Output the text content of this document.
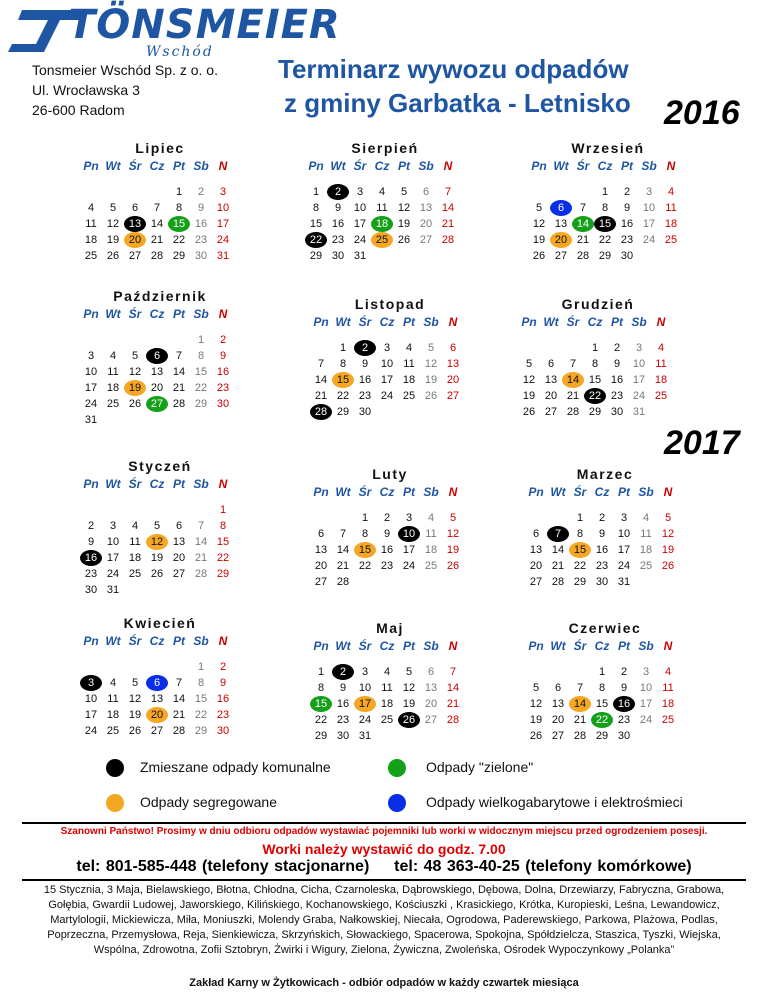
TÖNSMEIER
Wschód
Tonsmeier Wschód Sp. z o. o.
Ul. Wrocławska 3
26-600 Radom
Terminarz wywozu odpadów
z gminy Garbatka - Letnisko 2016
2017
Lipiec
Pn Wt Śr Cz Pt Sb N
1 2 3
4 5 6 7 8 9 10
11 12 13 14 15 16 17
18 19 20 21 22 23 24
25 26 27 28 29 30 31
Sierpień
Pn Wt Śr Cz Pt Sb N
1 2 3 4 5 6 7
8 9 10 11 12 13 14
15 16 17 18 19 20 21
22 23 24 25 26 27 28
29 30 31
Wrzesień
Pn Wt Śr Cz Pt Sb N
1 2 3 4
5 6 7 8 9 10 11
12 13 14 15 16 17 18
19 20 21 22 23 24 25
26 27 28 29 30
Październik
Pn Wt Śr Cz Pt Sb N
1 2
3 4 5 6 7 8 9
10 11 12 13 14 15 16
17 18 19 20 21 22 23
24 25 26 27 28 29 30
31
Listopad
Pn Wt Śr Cz Pt Sb N
1 2 3 4 5 6
7 8 9 10 11 12 13
14 15 16 17 18 19 20
21 22 23 24 25 26 27
28 29 30
Grudzień
Pn Wt Śr Cz Pt Sb N
1 2 3 4
5 6 7 8 9 10 11
12 13 14 15 16 17 18
19 20 21 22 23 24 25
26 27 28 29 30 31
Styczeń
Pn Wt Śr Cz Pt Sb N
1
2 3 4 5 6 7 8
9 10 11 12 13 14 15
16 17 18 19 20 21 22
23 24 25 26 27 28 29
30 31
Luty
Pn Wt Śr Cz Pt Sb N
1 2 3 4 5
6 7 8 9 10 11 12
13 14 15 16 17 18 19
20 21 22 23 24 25 26
27 28
Marzec
Pn Wt Śr Cz Pt Sb N
1 2 3 4 5
6 7 8 9 10 11 12
13 14 15 16 17 18 19
20 21 22 23 24 25 26
27 28 29 30 31
Kwiecień
Pn Wt Śr Cz Pt Sb N
1 2
3 4 5 6 7 8 9
10 11 12 13 14 15 16
17 18 19 20 21 22 23
24 25 26 27 28 29 30
Maj
Pn Wt Śr Cz Pt Sb N
1 2 3 4 5 6 7
8 9 10 11 12 13 14
15 16 17 18 19 20 21
22 23 24 25 26 27 28
29 30 31
Czerwiec
Pn Wt Śr Cz Pt Sb N
1 2 3 4
5 6 7 8 9 10 11
12 13 14 15 16 17 18
19 20 21 22 23 24 25
26 27 28 29 30
Zmieszane odpady komunalne	Odpady "zielone"
Odpady segregowane	Odpady wielkogabarytowe i elektrośmieci
Szanowni Państwo! Prosimy w dniu odbioru odpadów wystawiać pojemniki lub worki w widocznym miejscu przed ogrodzeniem posesji.
Worki należy wystawić do godz. 7.00
tel: 801-585-448 (telefony stacjonarne) tel: 48 363-40-25 (telefony komórkowe)
15 Stycznia, 3 Maja, Bielawskiego, Błotna, Chłodna, Cicha, Czarnoleska, Dąbrowskiego, Dębowa, Dolna, Drzewiarzy, Fabryczna, Grabowa, Gołębia, Gwardii Ludowej, Jaworskiego, Kilińskiego, Kochanowskiego, Kościuszki , Krasickiego, Krótka, Kuropieski, Leśna, Lewandowicz, Martylologii, Mickiewicza, Miła, Moniuszki, Molendy Graba, Nałkowskiej, Niecała, Ogrodowa, Paderewskiego, Parkowa, Plażowa, Podlas, Poprzeczna, Przemysłowa, Reja, Sienkiewicza, Skrzyńskich, Słowackiego, Spacerowa, Spokojna, Spółdzielcza, Staszica, Tyszki, Wiejska, Wspólna, Zdrowotna, Zofii Sztobryn, Żwirki i Wigury, Zielona, Żywiczna, Zwoleńska, Ośrodek Wypoczynkowy „Polanka”
Zakład Karny w Żytkowicach - odbiór odpadów w każdy czwartek miesiąca
